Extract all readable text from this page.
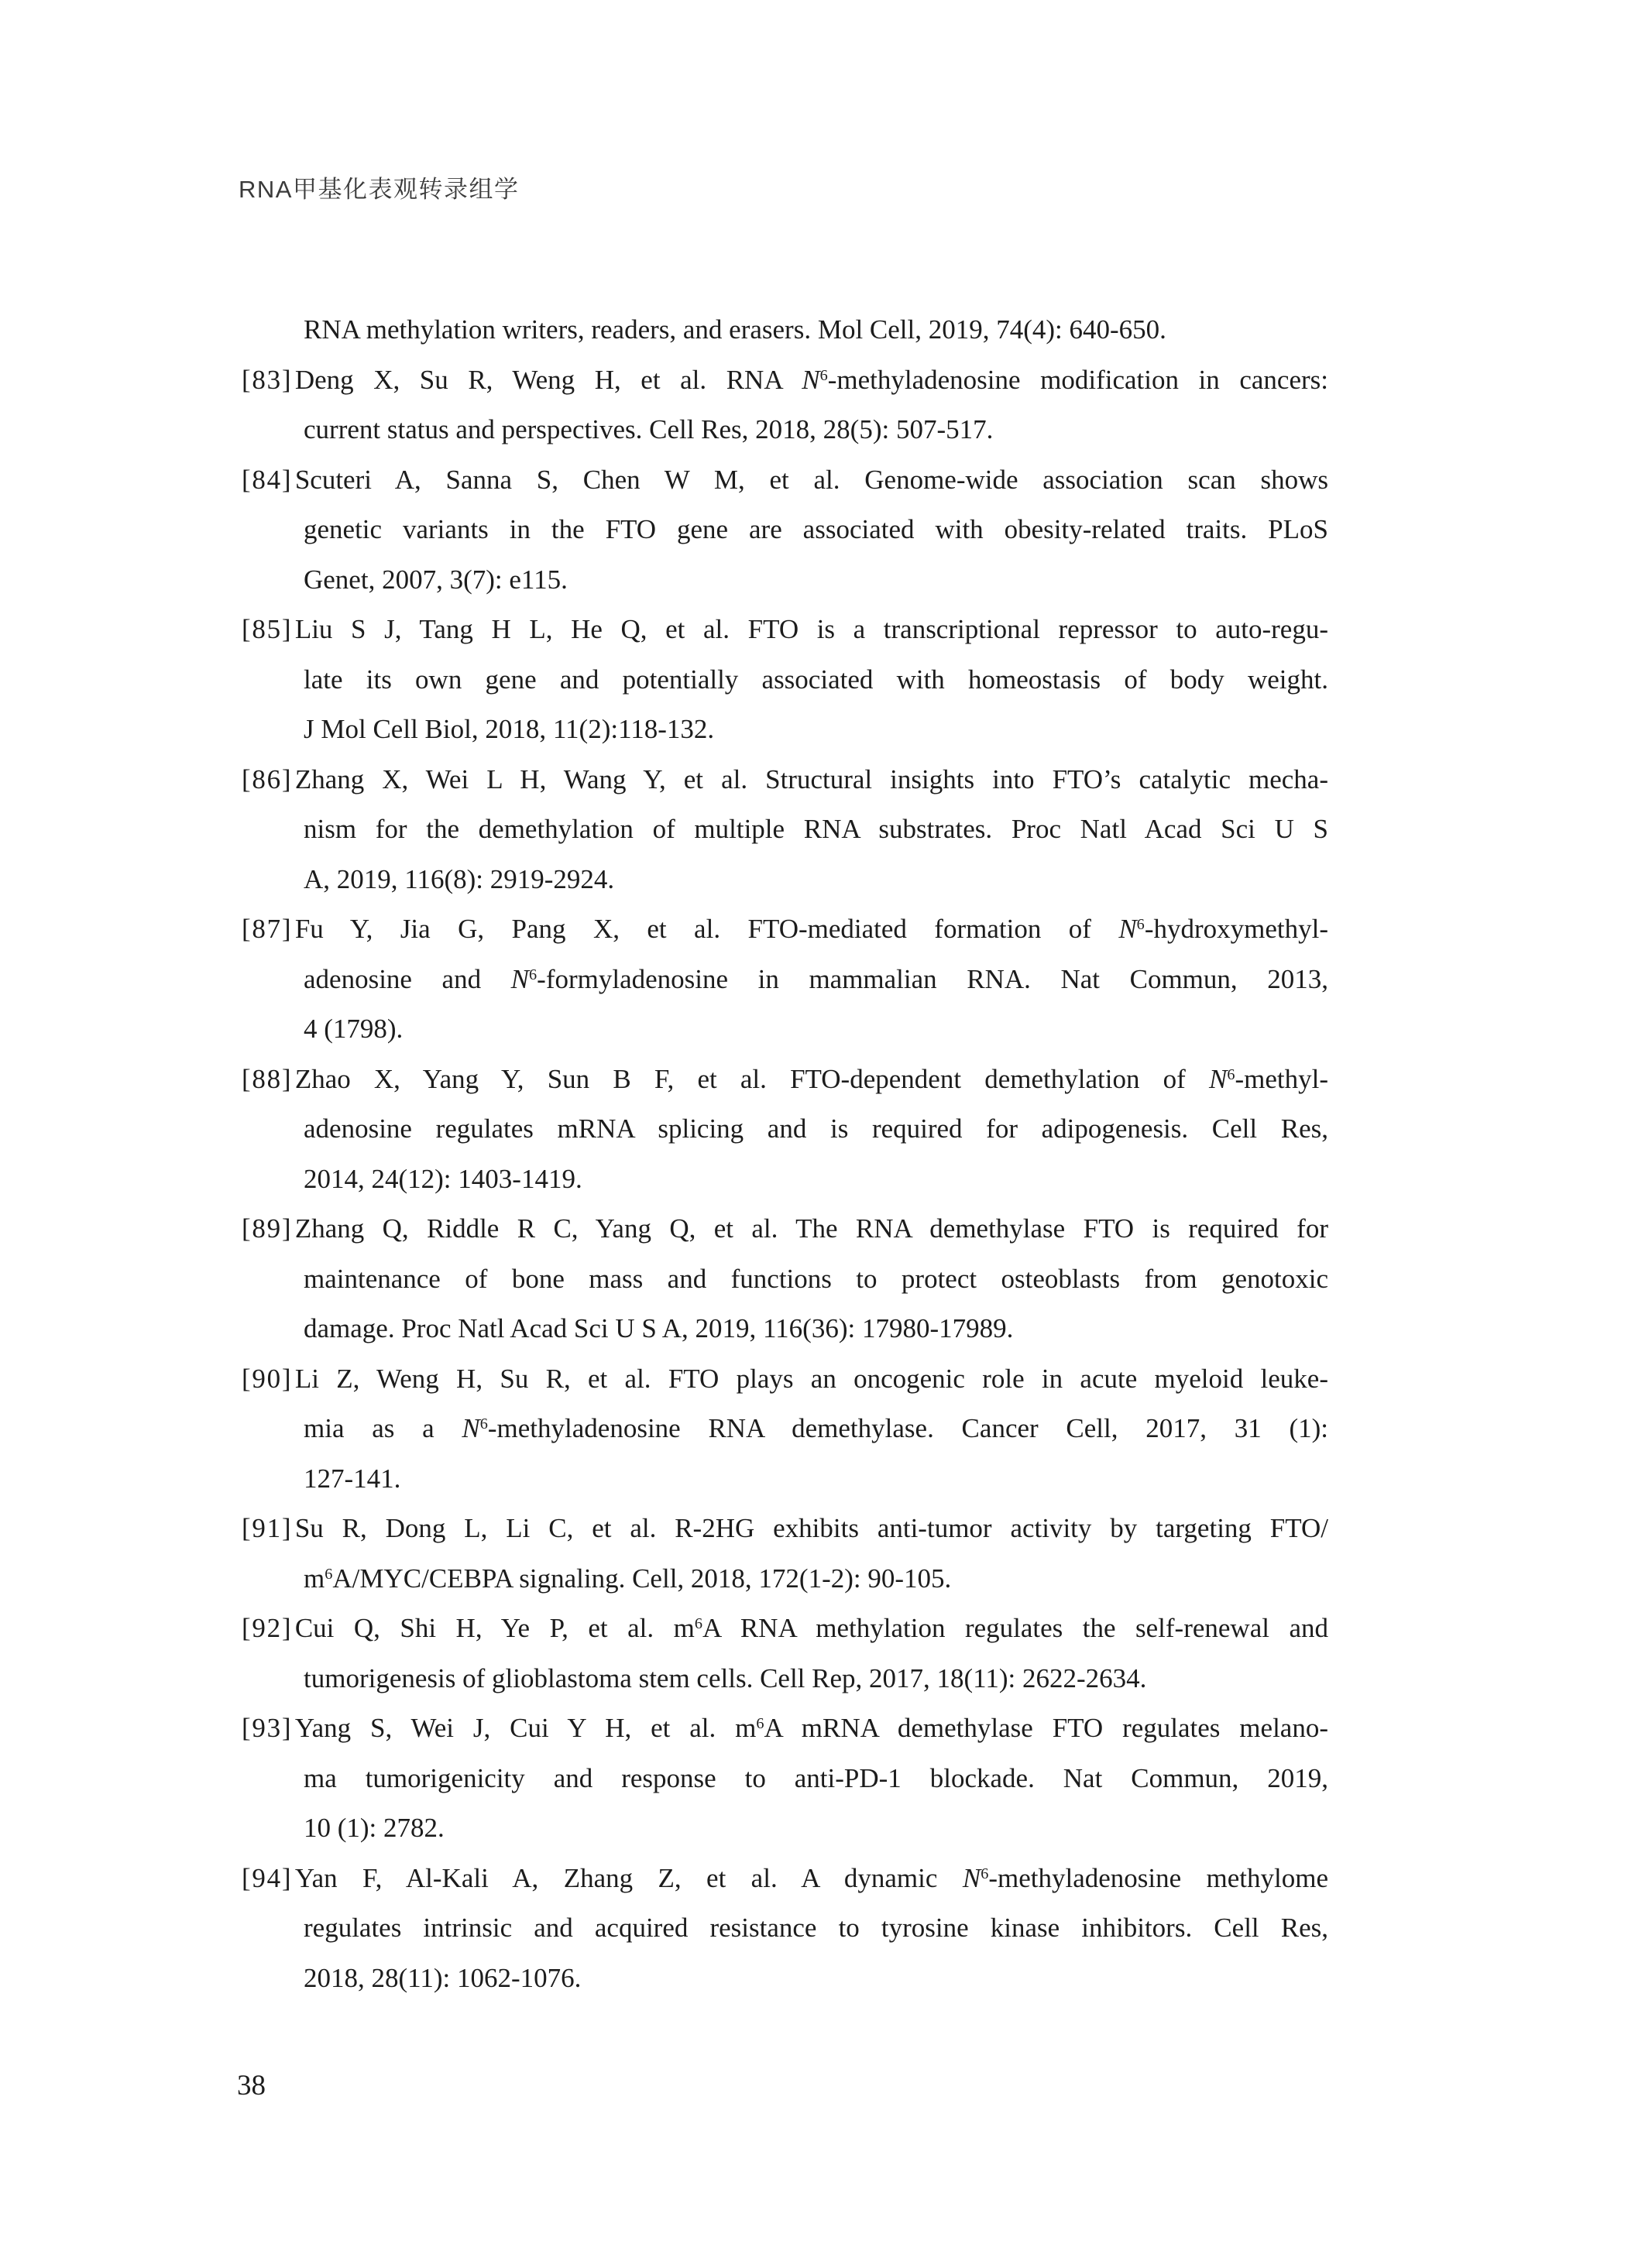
RNA甲基化表观转录组学
RNA methylation writers, readers, and erasers. Mol Cell, 2019, 74(4): 640-650.
[83] Deng X, Su R, Weng H, et al. RNA $N^6$-methyladenosine modification in cancers:
current status and perspectives. Cell Res, 2018, 28(5): 507-517.
[84] Scuteri A, Sanna S, Chen W M, et al. Genome-wide association scan shows
genetic variants in the FTO gene are associated with obesity-related traits. PLoS
Genet, 2007, 3(7): e115.
[85] Liu S J, Tang H L, He Q, et al. FTO is a transcriptional repressor to auto-regu-
late its own gene and potentially associated with homeostasis of body weight.
J Mol Cell Biol, 2018, 11(2):118-132.
[86] Zhang X, Wei L H, Wang Y, et al. Structural insights into FTO’s catalytic mecha-
nism for the demethylation of multiple RNA substrates. Proc Natl Acad Sci U S
A, 2019, 116(8): 2919-2924.
[87] Fu Y, Jia G, Pang X, et al. FTO-mediated formation of $N^6-hydroxymethyl-$
adenosine and $N^6$-formyladenosine in mammalian RNA. Nat Commun, 2013,
4 (1798).
[88] Zhao X, Yang Y, Sun B F, et al. FTO-dependent demethylation of $N^6-methyl-$
adenosine regulates mRNA splicing and is required for adipogenesis. Cell Res,
2014, 24(12): 1403-1419.
[89] Zhang Q, Riddle R C, Yang Q, et al. The RNA demethylase FTO is required for
maintenance of bone mass and functions to protect osteoblasts from genotoxic
damage. Proc Natl Acad Sci U S A, 2019, 116(36): 17980-17989.
[90] Li Z, Weng H, Su R, et al. FTO plays an oncogenic role in acute myeloid leuke-
mia as a $N^6$-methyladenosine RNA demethylase. Cancer Cell, 2017, 31 (1):
127-141.
[91] Su R, Dong L, Li C, et al. R-2HG exhibits anti-tumor activity by targeting FTO/
$m^6A/MYC$/CEBPA signaling. Cell, 2018, 172(1-2): 90-105.
[92] Cui Q, Shi H, Ye P, et al. $m^6A$ RNA methylation regulates the self-renewal and
tumorigenesis of glioblastoma stem cells. Cell Rep, 2017, 18(11): 2622-2634.
[93] Yang S, Wei J, Cui Y H, et al. $m^6A$ mRNA demethylase FTO regulates melano-
ma tumorigenicity and response to anti-PD-1 blockade. Nat Commun, 2019,
10 (1): 2782.
[94] Yan F, Al-Kali A, Zhang Z, et al. A dynamic $N^6$-methyladenosine methylome
regulates intrinsic and acquired resistance to tyrosine kinase inhibitors. Cell Res,
2018, 28(11): 1062-1076.
38
